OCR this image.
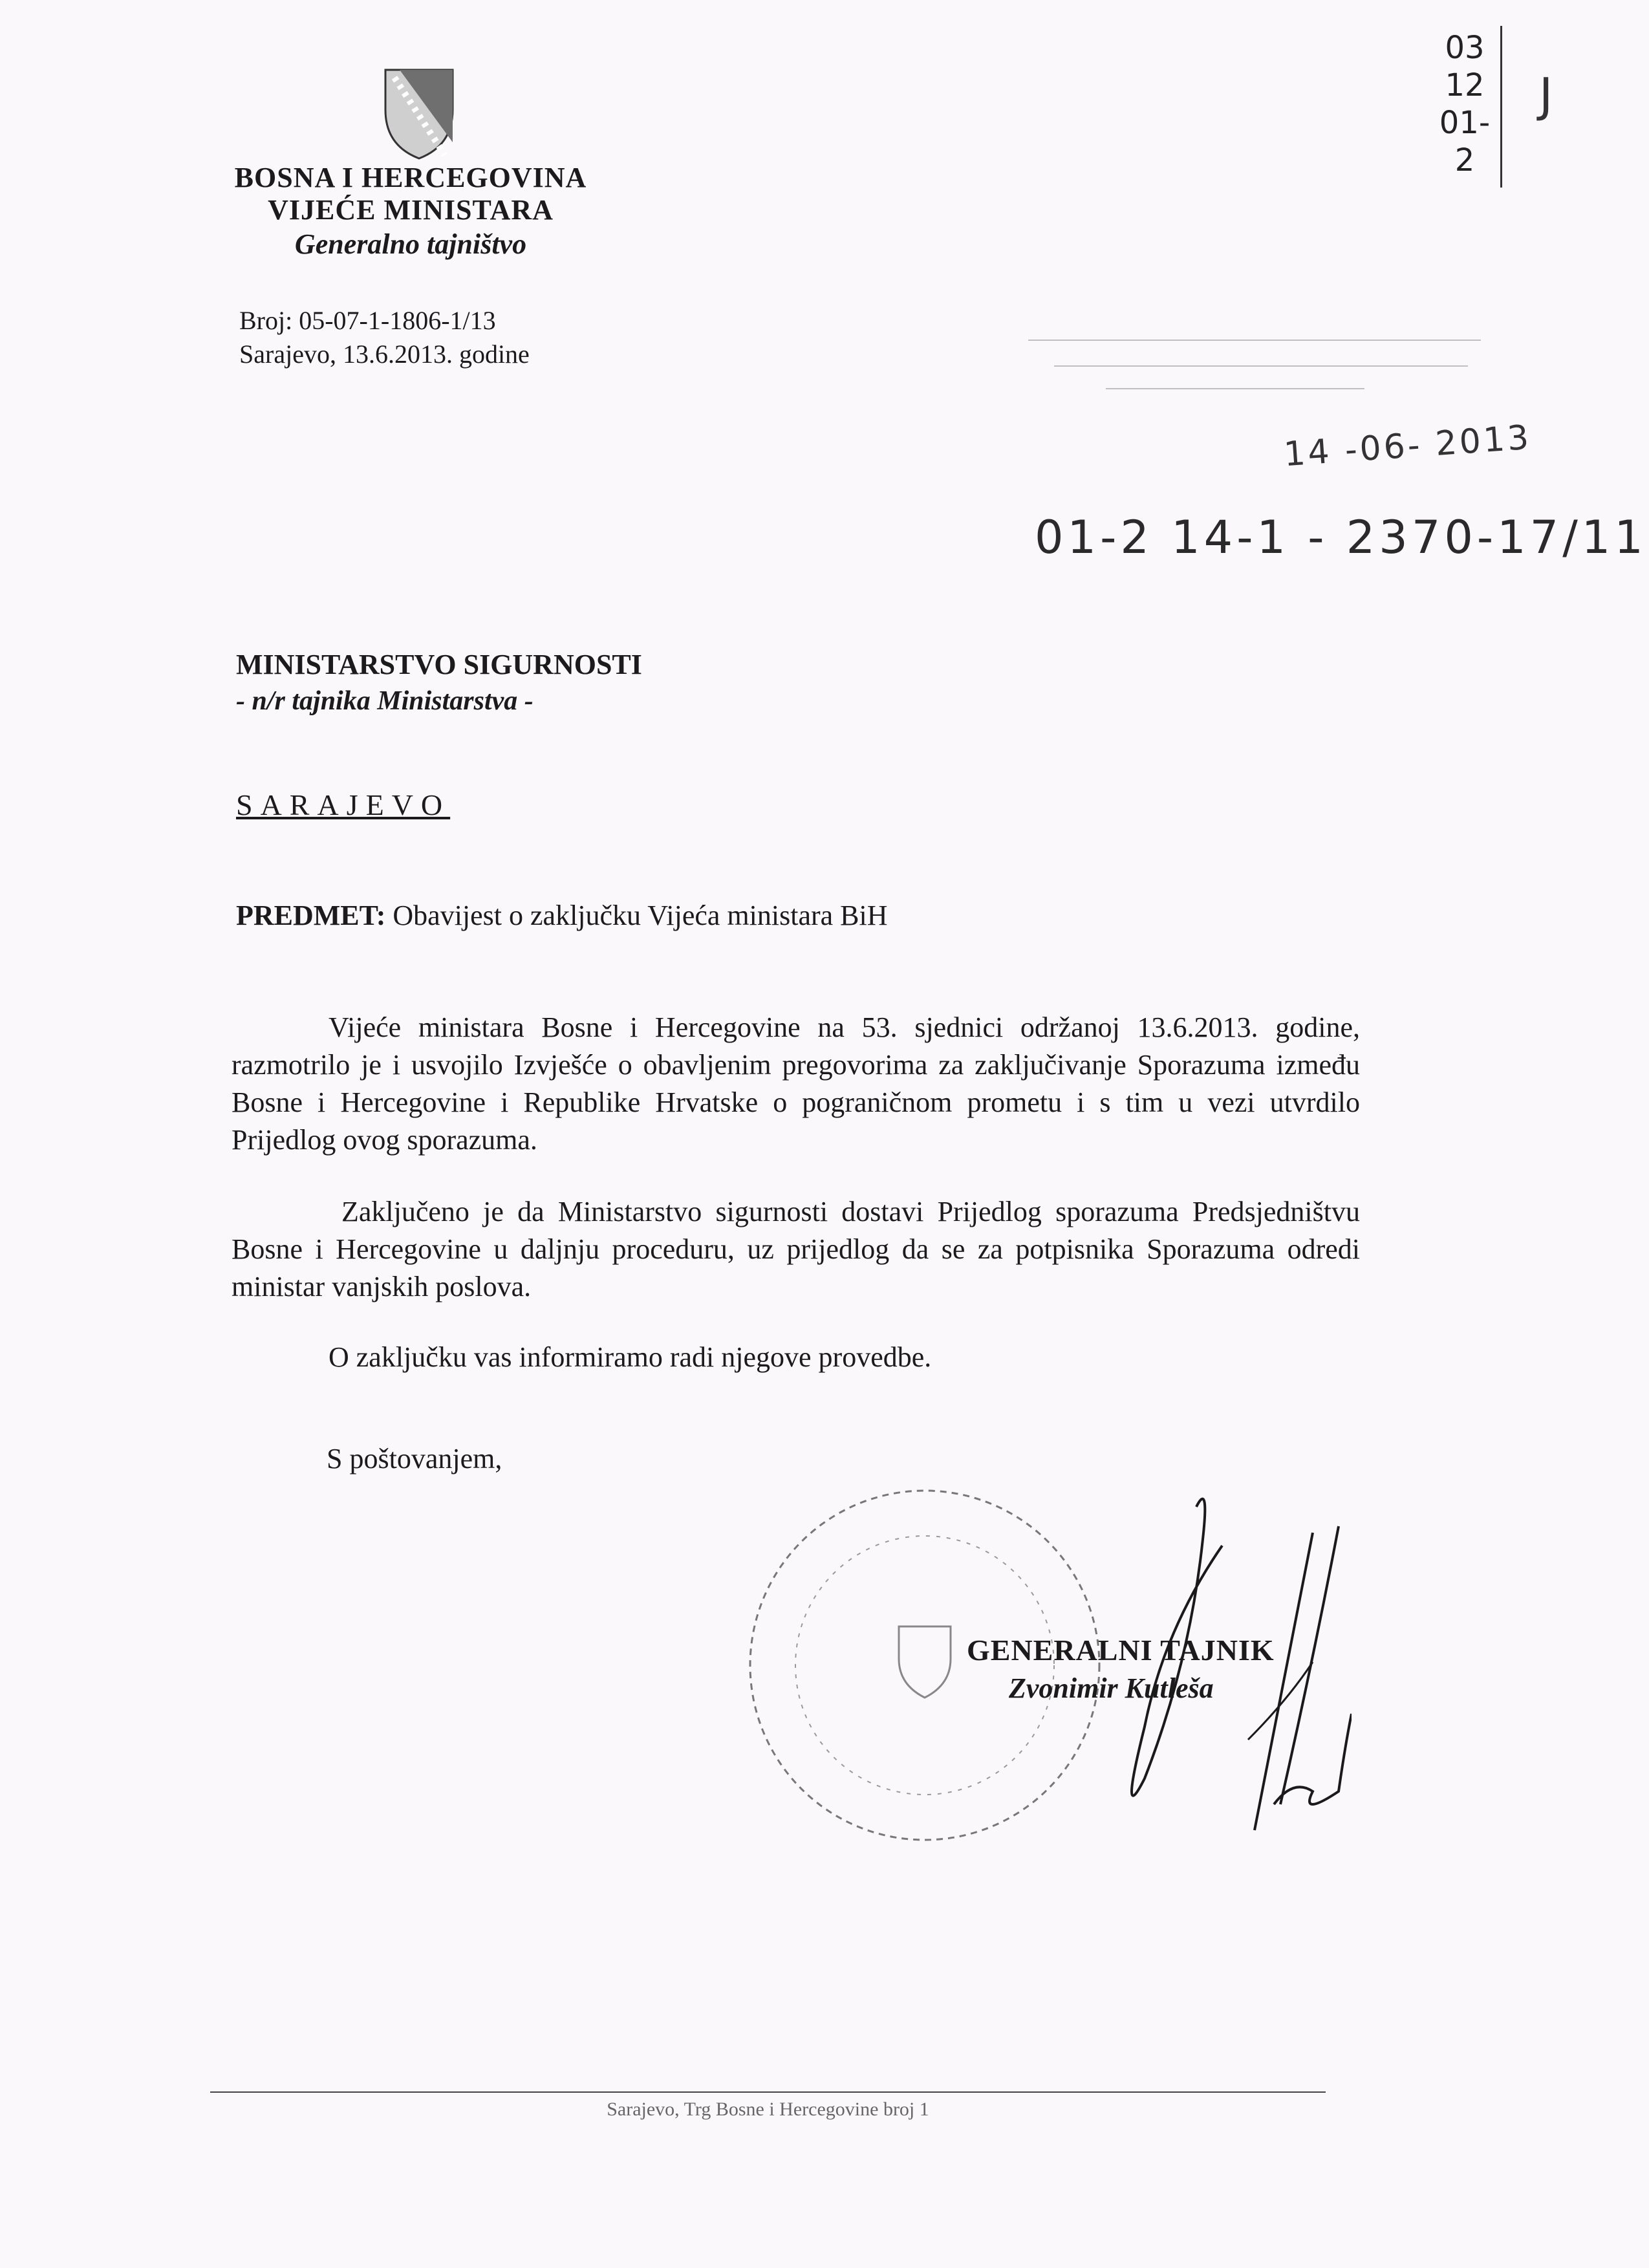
BOSNA I HERCEGOVINA
VIJEĆE MINISTARA
Generalno tajništvo
Broj: 05-07-1-1806-1/13
Sarajevo, 13.6.2013. godine
03
12
01-2
J
14 -06- 2013
01-2 14-1 - 2370-17/11
MINISTARSTVO SIGURNOSTI
- n/r tajnika Ministarstva -
SARAJEVO
PREDMET: Obavijest o zaključku Vijeća ministara BiH
Vijeće ministara Bosne i Hercegovine na 53. sjednici održanoj 13.6.2013. godine, razmotrilo je i usvojilo Izvješće o obavljenim pregovorima za zaključivanje Sporazuma između Bosne i Hercegovine i Republike Hrvatske o pograničnom prometu i s tim u vezi utvrdilo Prijedlog ovog sporazuma.
Zaključeno je da Ministarstvo sigurnosti dostavi Prijedlog sporazuma Predsjedništvu Bosne i Hercegovine u daljnju proceduru, uz prijedlog da se za potpisnika Sporazuma odredi ministar vanjskih poslova.
O zaključku vas informiramo radi njegove provedbe.
S poštovanjem,
GENERALNI TAJNIK
Zvonimir Kutleša
Sarajevo, Trg Bosne i Hercegovine broj 1
